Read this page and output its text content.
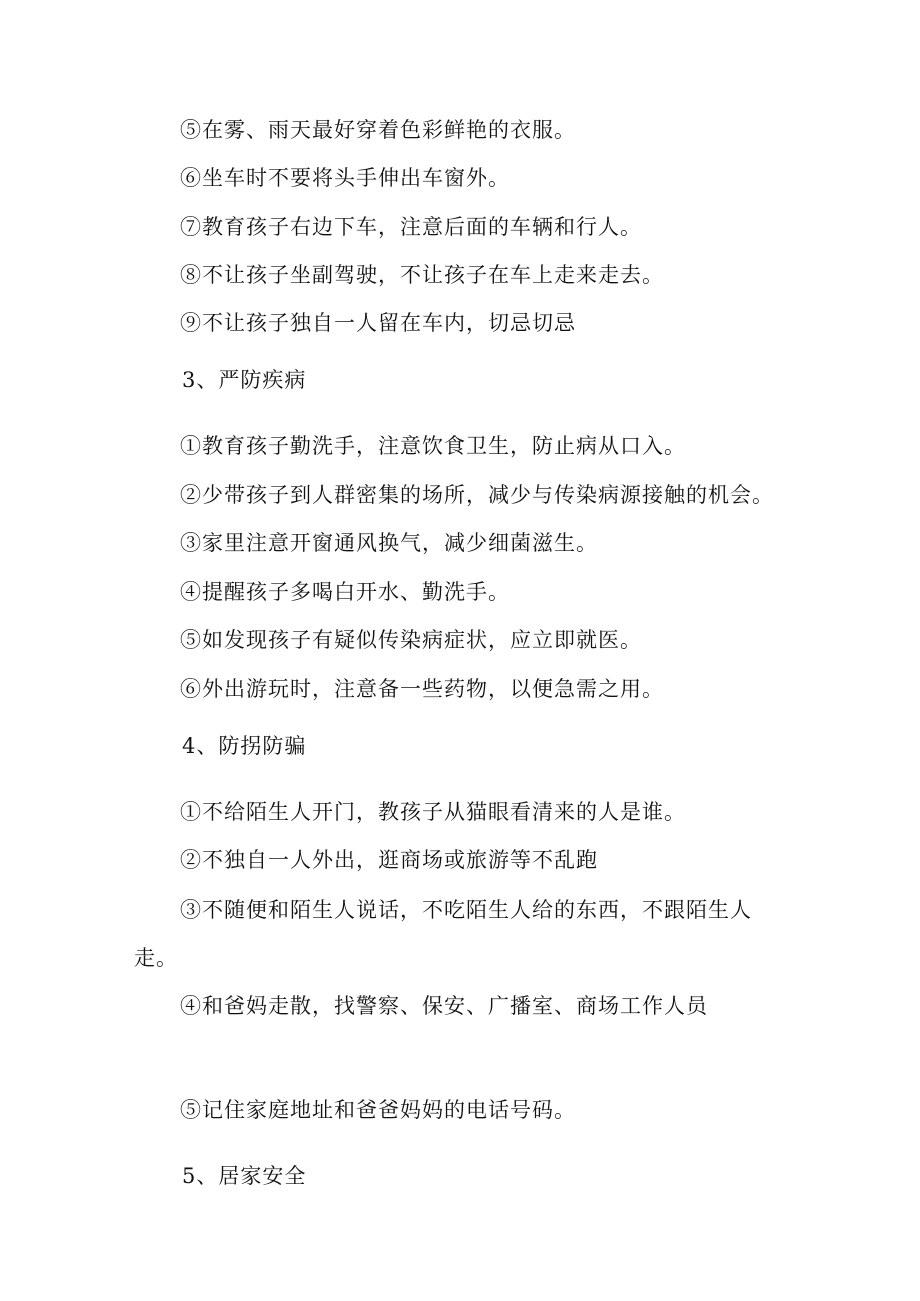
⑤在雾、雨天最好穿着色彩鲜艳的衣服。
⑥坐车时不要将头手伸出车窗外。
⑦教育孩子右边下车，注意后面的车辆和行人。
⑧不让孩子坐副驾驶，不让孩子在车上走来走去。
⑨不让孩子独自一人留在车内，切忌切忌
3、严防疾病
①教育孩子勤洗手，注意饮食卫生，防止病从口入。
②少带孩子到人群密集的场所，减少与传染病源接触的机会。
③家里注意开窗通风换气，减少细菌滋生。
④提醒孩子多喝白开水、勤洗手。
⑤如发现孩子有疑似传染病症状，应立即就医。
⑥外出游玩时，注意备一些药物，以便急需之用。
4、防拐防骗
①不给陌生人开门，教孩子从猫眼看清来的人是谁。
②不独自一人外出，逛商场或旅游等不乱跑
③不随便和陌生人说话，不吃陌生人给的东西，不跟陌生人
走。
④和爸妈走散，找警察、保安、广播室、商场工作人员
⑤记住家庭地址和爸爸妈妈的电话号码。
5、居家安全
